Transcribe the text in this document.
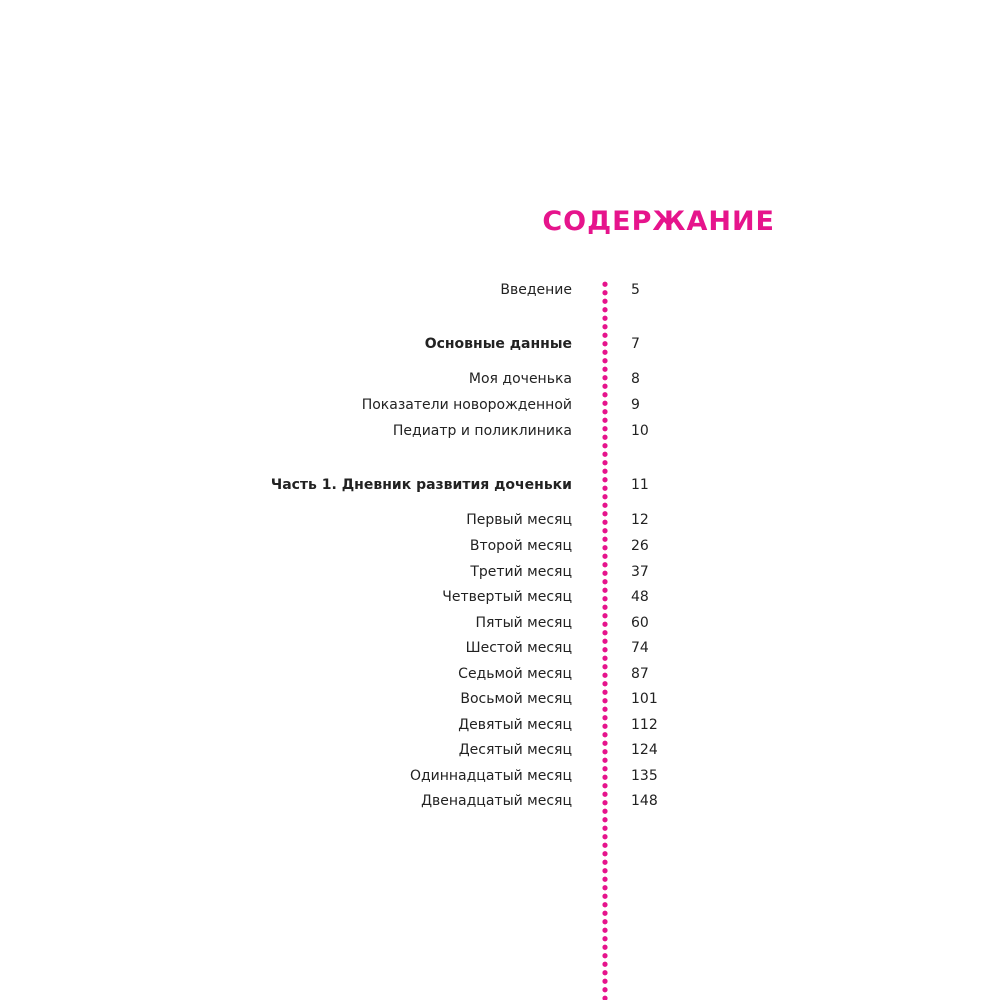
СОДЕРЖАНИЕ
Введение	5
Основные данные	7
Моя доченька	8
Показатели новорожденной	9
Педиатр и поликлиника	10
Часть 1. Дневник развития доченьки	11
Первый месяц	12
Второй месяц	26
Третий месяц	37
Четвертый месяц	48
Пятый месяц	60
Шестой месяц	74
Седьмой месяц	87
Восьмой месяц	101
Девятый месяц	112
Десятый месяц	124
Одиннадцатый месяц	135
Двенадцатый месяц	148
